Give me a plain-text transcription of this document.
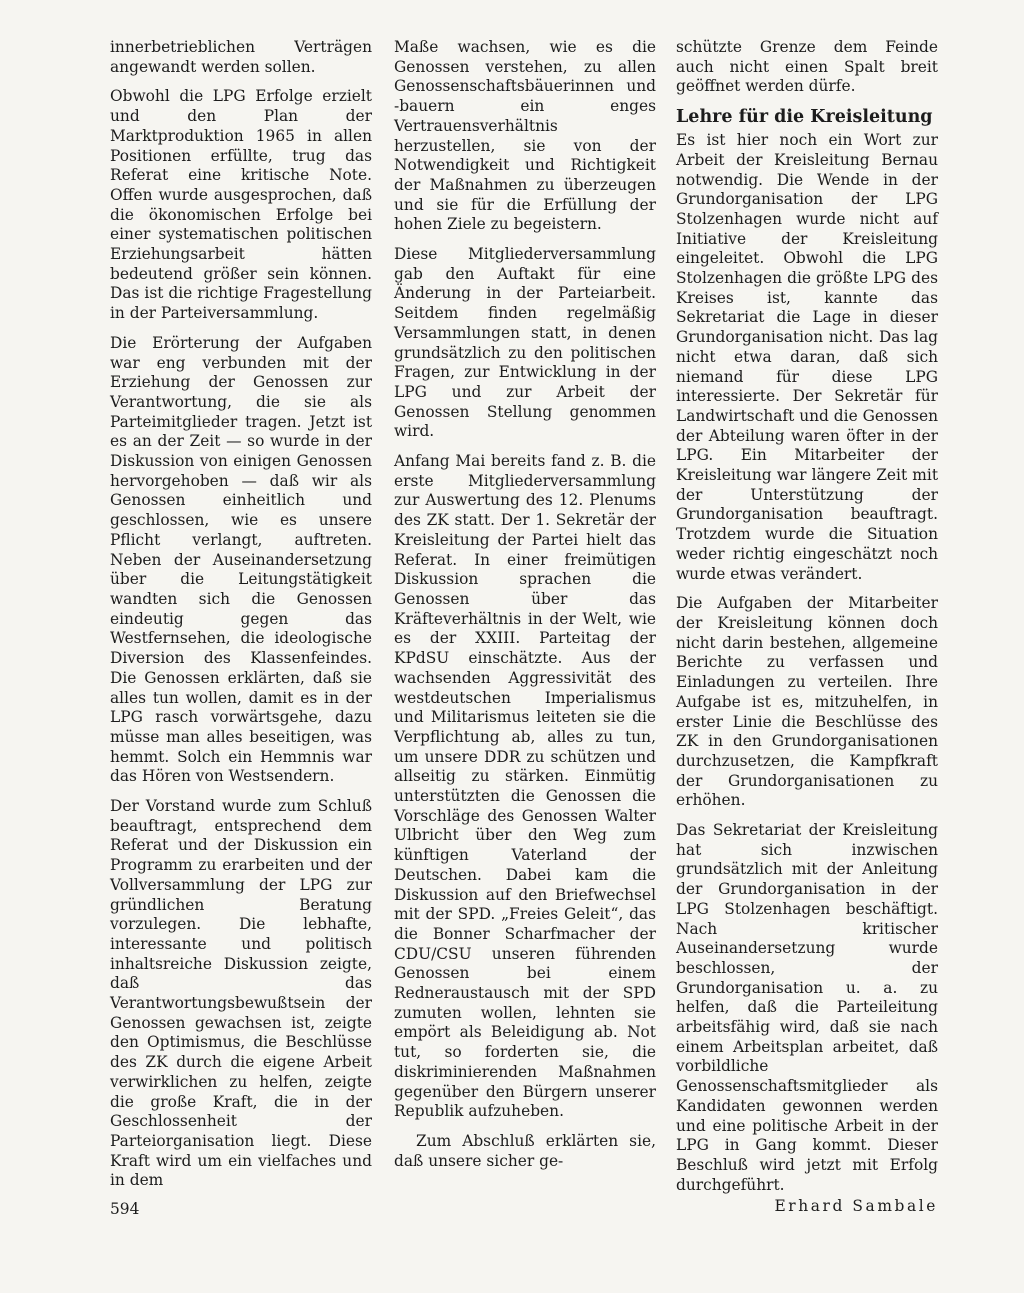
innerbetrieblichen Verträgen angewandt werden sollen.

Obwohl die LPG Erfolge erzielt und den Plan der Marktproduktion 1965 in allen Positionen erfüllte, trug das Referat eine kritische Note. Offen wurde ausgesprochen, daß die ökonomischen Erfolge bei einer systematischen politischen Erziehungsarbeit hätten bedeutend größer sein können. Das ist die richtige Fragestellung in der Parteiversammlung.

Die Erörterung der Aufgaben war eng verbunden mit der Erziehung der Genossen zur Verantwortung, die sie als Parteimitglieder tragen. Jetzt ist es an der Zeit — so wurde in der Diskussion von einigen Genossen hervorgehoben — daß wir als Genossen einheitlich und geschlossen, wie es unsere Pflicht verlangt, auftreten. Neben der Auseinandersetzung über die Leitungstätigkeit wandten sich die Genossen eindeutig gegen das Westfernsehen, die ideologische Diversion des Klassenfeindes. Die Genossen erklärten, daß sie alles tun wollen, damit es in der LPG rasch vorwärtsgehe, dazu müsse man alles beseitigen, was hemmt. Solch ein Hemmnis war das Hören von Westsendern.

Der Vorstand wurde zum Schluß beauftragt, entsprechend dem Referat und der Diskussion ein Programm zu erarbeiten und der Vollversammlung der LPG zur gründlichen Beratung vorzulegen. Die lebhafte, interessante und politisch inhaltsreiche Diskussion zeigte, daß das Verantwortungsbewußtsein der Genossen gewachsen ist, zeigte den Optimismus, die Beschlüsse des ZK durch die eigene Arbeit verwirklichen zu helfen, zeigte die große Kraft, die in der Geschlossenheit der Parteiorganisation liegt. Diese Kraft wird um ein vielfaches und in dem

Maße wachsen, wie es die Genossen verstehen, zu allen Genossenschaftsbäuerinnen und -bauern ein enges Vertrauensverhältnis herzustellen, sie von der Notwendigkeit und Richtigkeit der Maßnahmen zu überzeugen und sie für die Erfüllung der hohen Ziele zu begeistern.

Diese Mitgliederversammlung gab den Auftakt für eine Änderung in der Parteiarbeit. Seitdem finden regelmäßig Versammlungen statt, in denen grundsätzlich zu den politischen Fragen, zur Entwicklung in der LPG und zur Arbeit der Genossen Stellung genommen wird.

Anfang Mai bereits fand z. B. die erste Mitgliederversammlung zur Auswertung des 12. Plenums des ZK statt. Der 1. Sekretär der Kreisleitung der Partei hielt das Referat. In einer freimütigen Diskussion sprachen die Genossen über das Kräfteverhältnis in der Welt, wie es der XXIII. Parteitag der KPdSU einschätzte. Aus der wachsenden Aggressivität des westdeutschen Imperialismus und Militarismus leiteten sie die Verpflichtung ab, alles zu tun, um unsere DDR zu schützen und allseitig zu stärken. Einmütig unterstützten die Genossen die Vorschläge des Genossen Walter Ulbricht über den Weg zum künftigen Vaterland der Deutschen. Dabei kam die Diskussion auf den Briefwechsel mit der SPD. „Freies Geleit“, das die Bonner Scharfmacher der CDU/CSU unseren führenden Genossen bei einem Redneraustausch mit der SPD zumuten wollen, lehnten sie empört als Beleidigung ab. Not tut, so forderten sie, die diskriminierenden Maßnahmen gegenüber den Bürgern unserer Republik aufzuheben.

Zum Abschluß erklärten sie, daß unsere sicher ge-

schützte Grenze dem Feinde auch nicht einen Spalt breit geöffnet werden dürfe.

Lehre für die Kreisleitung

Es ist hier noch ein Wort zur Arbeit der Kreisleitung Bernau notwendig. Die Wende in der Grundorganisation der LPG Stolzenhagen wurde nicht auf Initiative der Kreisleitung eingeleitet. Obwohl die LPG Stolzenhagen die größte LPG des Kreises ist, kannte das Sekretariat die Lage in dieser Grundorganisation nicht. Das lag nicht etwa daran, daß sich niemand für diese LPG interessierte. Der Sekretär für Landwirtschaft und die Genossen der Abteilung waren öfter in der LPG. Ein Mitarbeiter der Kreisleitung war längere Zeit mit der Unterstützung der Grundorganisation beauftragt. Trotzdem wurde die Situation weder richtig eingeschätzt noch wurde etwas verändert.

Die Aufgaben der Mitarbeiter der Kreisleitung können doch nicht darin bestehen, allgemeine Berichte zu verfassen und Einladungen zu verteilen. Ihre Aufgabe ist es, mitzuhelfen, in erster Linie die Beschlüsse des ZK in den Grundorganisationen durchzusetzen, die Kampfkraft der Grundorganisationen zu erhöhen.

Das Sekretariat der Kreisleitung hat sich inzwischen grundsätzlich mit der Anleitung der Grundorganisation in der LPG Stolzenhagen beschäftigt. Nach kritischer Auseinandersetzung wurde beschlossen, der Grundorganisation u. a. zu helfen, daß die Parteileitung arbeitsfähig wird, daß sie nach einem Arbeitsplan arbeitet, daß vorbildliche Genossenschaftsmitglieder als Kandidaten gewonnen werden und eine politische Arbeit in der LPG in Gang kommt. Dieser Beschluß wird jetzt mit Erfolg durchgeführt.

Erhard Sambale
594
